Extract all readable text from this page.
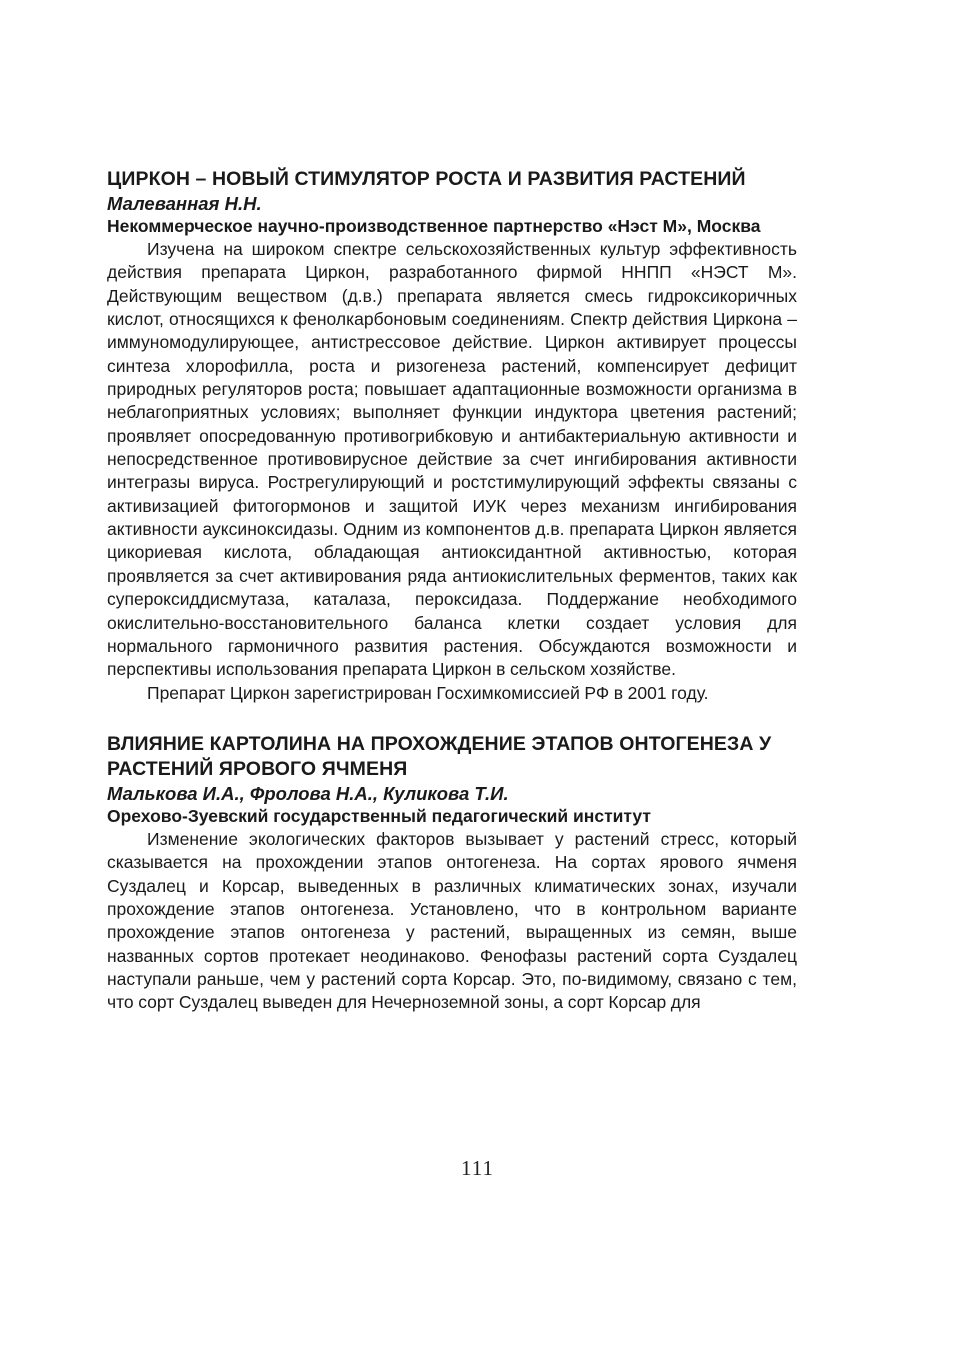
ЦИРКОН – НОВЫЙ СТИМУЛЯТОР РОСТА И РАЗВИТИЯ РАСТЕНИЙ

Малеванная Н.Н.

Некоммерческое научно-производственное партнерство «Нэст М», Москва

Изучена на широком спектре сельскохозяйственных культур эффективность действия препарата Циркон, разработанного фирмой ННПП «НЭСТ М». Действующим веществом (д.в.) препарата является смесь гидроксикоричных кислот, относящихся к фенолкарбоновым соединениям. Спектр действия Циркона – иммуномодулирующее, антистрессовое действие. Циркон активирует процессы синтеза хлорофилла, роста и ризогенеза растений, компенсирует дефицит природных регуляторов роста; повышает адаптационные возможности организма в неблагоприятных условиях; выполняет функции индуктора цветения растений; проявляет опосредованную противогрибковую и антибактериальную активности и непосредственное противовирусное действие за счет ингибирования активности интегразы вируса. Рострегулирующий и ростстимулирующий эффекты связаны с активизацией фитогормонов и защитой ИУК через механизм ингибирования активности ауксиноксидазы. Одним из компонентов д.в. препарата Циркон является цикориевая кислота, обладающая антиоксидантной активностью, которая проявляется за счет активирования ряда антиокислительных ферментов, таких как супероксиддисмутаза, каталаза, пероксидаза. Поддержание необходимого окислительно-восстановительного баланса клетки создает условия для нормального гармоничного развития растения. Обсуждаются возможности и перспективы использования препарата Циркон в сельском хозяйстве.

Препарат Циркон зарегистрирован Госхимкомиссией РФ в 2001 году.

ВЛИЯНИЕ КАРТОЛИНА НА ПРОХОЖДЕНИЕ ЭТАПОВ ОНТОГЕНЕЗА У РАСТЕНИЙ ЯРОВОГО ЯЧМЕНЯ

Малькова И.А., Фролова Н.А., Куликова Т.И.

Орехово-Зуевский государственный педагогический институт

Изменение экологических факторов вызывает у растений стресс, который сказывается на прохождении этапов онтогенеза. На сортах ярового ячменя Суздалец и Корсар, выведенных в различных климатических зонах, изучали прохождение этапов онтогенеза. Установлено, что в контрольном варианте прохождение этапов онтогенеза у растений, выращенных из семян, выше названных сортов протекает неодинаково. Фенофазы растений сорта Суздалец наступали раньше, чем у растений сорта Корсар. Это, по-видимому, связано с тем, что сорт Суздалец выведен для Нечерноземной зоны, а сорт Корсар для

111
